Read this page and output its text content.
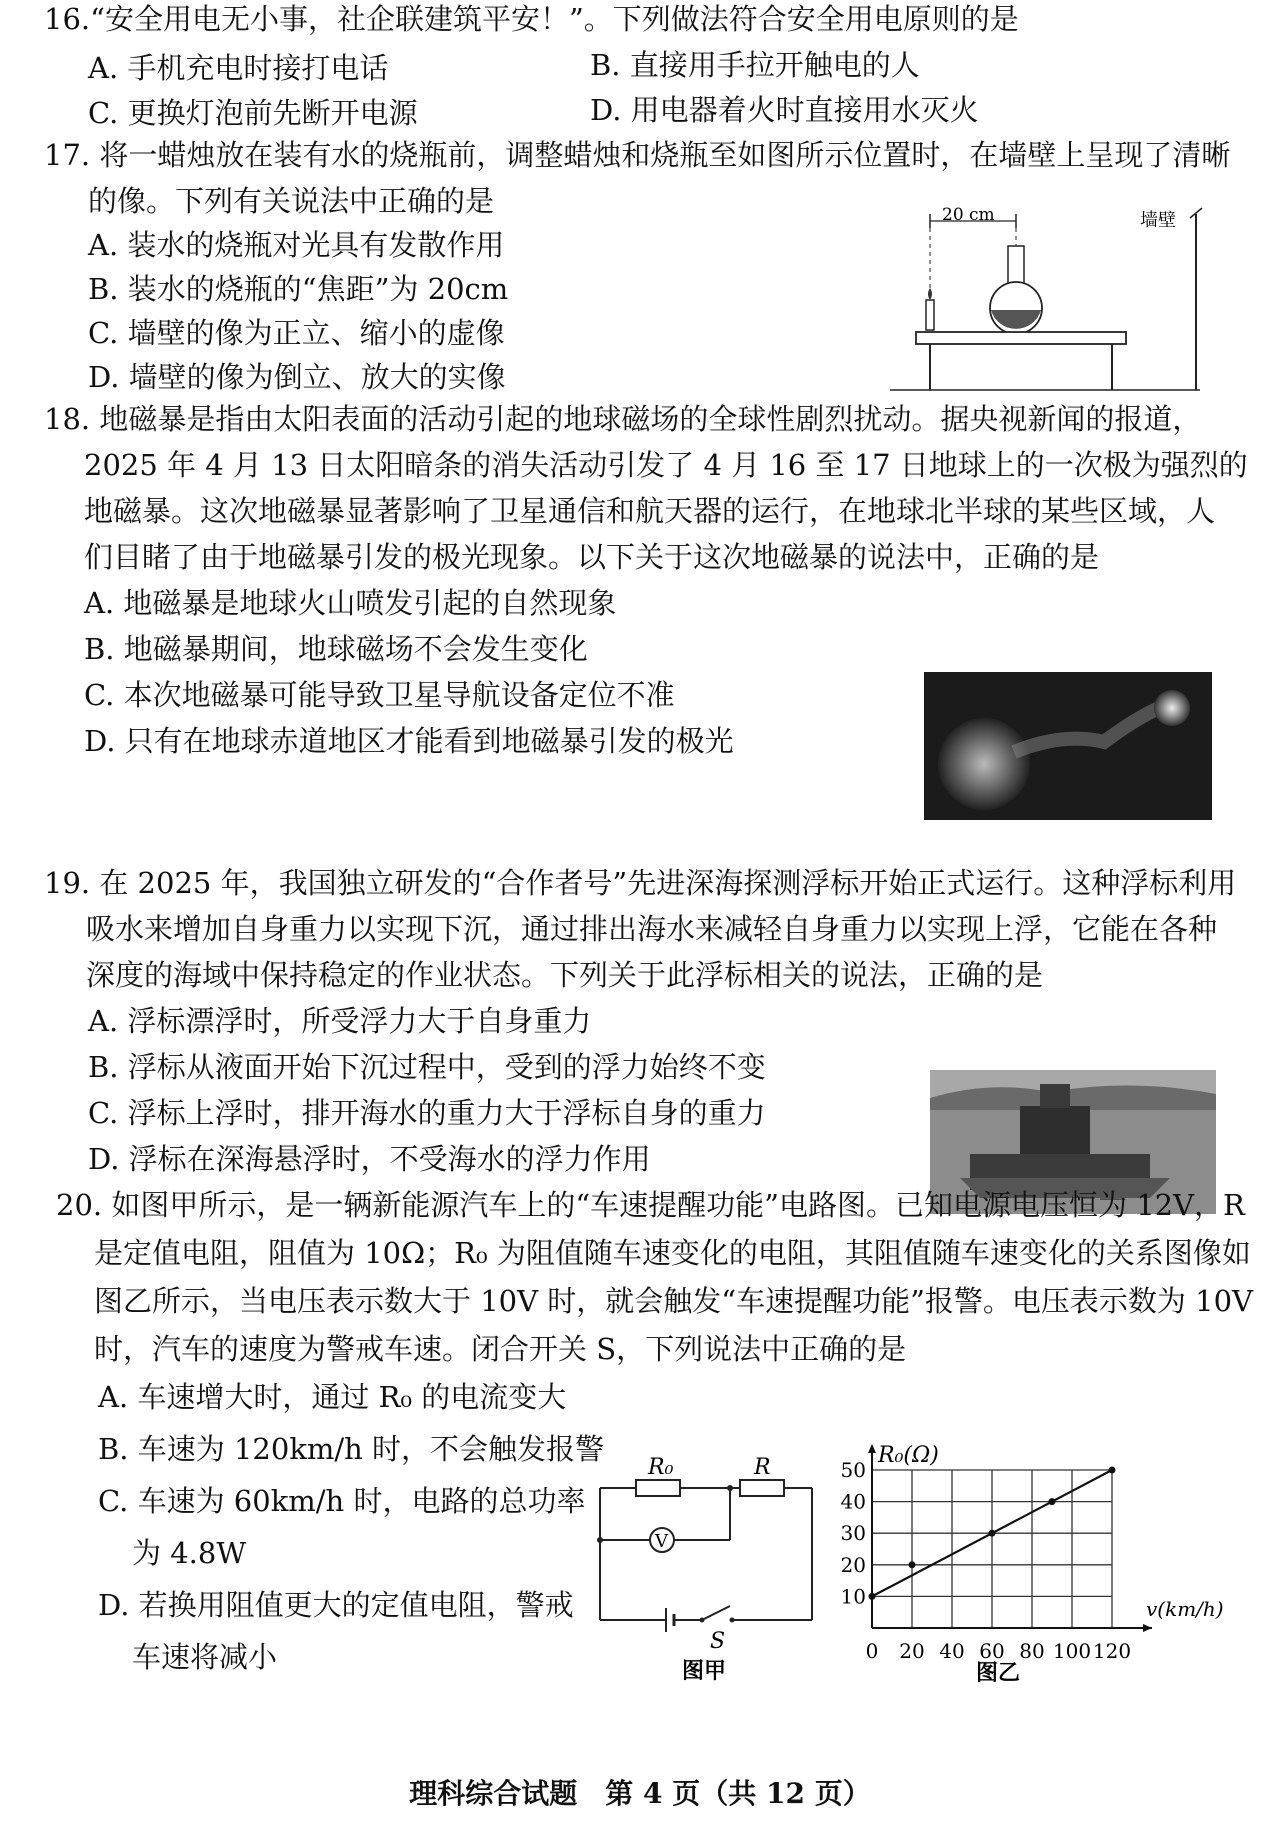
16.“安全用电无小事，社企联建筑平安！”。下列做法符合安全用电原则的是
A. 手机充电时接打电话	B. 直接用手拉开触电的人
C. 更换灯泡前先断开电源	D. 用电器着火时直接用水灭火
17. 将一蜡烛放在装有水的烧瓶前，调整蜡烛和烧瓶至如图所示位置时，在墙壁上呈现了清晰
的像。下列有关说法中正确的是
A. 装水的烧瓶对光具有发散作用
B. 装水的烧瓶的“焦距”为 20cm
C. 墙壁的像为正立、缩小的虚像
D. 墙壁的像为倒立、放大的实像
墙壁
20 cm
18. 地磁暴是指由太阳表面的活动引起的地球磁场的全球性剧烈扰动。据央视新闻的报道，
2025 年 4 月 13 日太阳暗条的消失活动引发了 4 月 16 至 17 日地球上的一次极为强烈的
地磁暴。这次地磁暴显著影响了卫星通信和航天器的运行，在地球北半球的某些区域，人
们目睹了由于地磁暴引发的极光现象。以下关于这次地磁暴的说法中，正确的是
A. 地磁暴是地球火山喷发引起的自然现象
B. 地磁暴期间，地球磁场不会发生变化
C. 本次地磁暴可能导致卫星导航设备定位不准
D. 只有在地球赤道地区才能看到地磁暴引发的极光
19. 在 2025 年，我国独立研发的“合作者号”先进深海探测浮标开始正式运行。这种浮标利用
吸水来增加自身重力以实现下沉，通过排出海水来减轻自身重力以实现上浮，它能在各种
深度的海域中保持稳定的作业状态。下列关于此浮标相关的说法，正确的是
A. 浮标漂浮时，所受浮力大于自身重力
B. 浮标从液面开始下沉过程中，受到的浮力始终不变
C. 浮标上浮时，排开海水的重力大于浮标自身的重力
D. 浮标在深海悬浮时，不受海水的浮力作用
20. 如图甲所示，是一辆新能源汽车上的“车速提醒功能”电路图。已知电源电压恒为 12V，R
是定值电阻，阻值为 10Ω；R₀ 为阻值随车速变化的电阻，其阻值随车速变化的关系图像如
图乙所示，当电压表示数大于 10V 时，就会触发“车速提醒功能”报警。电压表示数为 10V
时，汽车的速度为警戒车速。闭合开关 S，下列说法中正确的是
A. 车速增大时，通过 R₀ 的电流变大
B. 车速为 120km/h 时，不会触发报警
C. 车速为 60km/h 时，电路的总功率
为 4.8W
D. 若换用阻值更大的定值电阻，警戒
车速将减小
R₀	R
V
S
图甲
0 20 40 60 80 100 120
10
20
30
40
50
R₀(Ω)
v(km/h)
图乙
理科综合试题　第 4 页（共 12 页）
